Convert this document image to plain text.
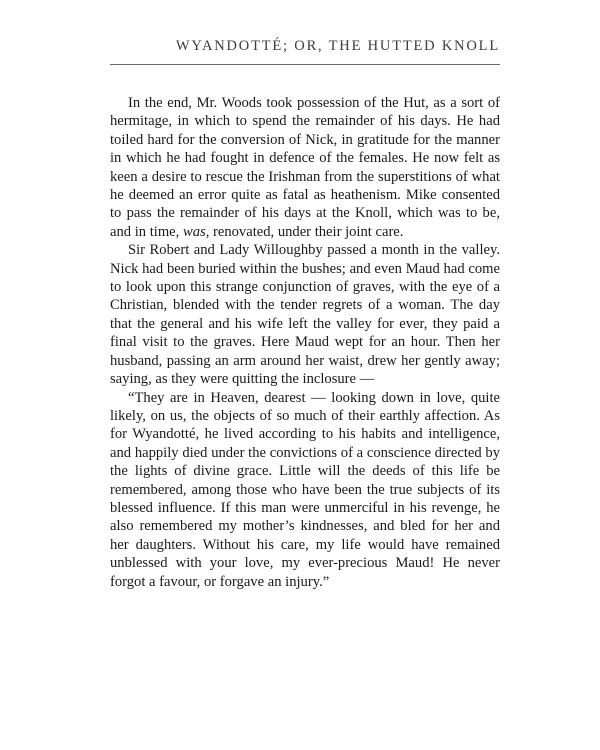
WYANDOTTÉ; OR, THE HUTTED KNOLL

In the end, Mr. Woods took possession of the Hut, as a sort of hermitage, in which to spend the remainder of his days. He had toiled hard for the conversion of Nick, in gratitude for the manner in which he had fought in defence of the females. He now felt as keen a desire to rescue the Irishman from the superstitions of what he deemed an error quite as fatal as heathenism. Mike consented to pass the remainder of his days at the Knoll, which was to be, and in time, was, renovated, under their joint care.

Sir Robert and Lady Willoughby passed a month in the valley. Nick had been buried within the bushes; and even Maud had come to look upon this strange conjunction of graves, with the eye of a Christian, blended with the tender regrets of a woman. The day that the general and his wife left the valley for ever, they paid a final visit to the graves. Here Maud wept for an hour. Then her husband, passing an arm around her waist, drew her gently away; saying, as they were quitting the inclosure —

“They are in Heaven, dearest — looking down in love, quite likely, on us, the objects of so much of their earthly affection. As for Wyandotté, he lived according to his habits and intelligence, and happily died under the convictions of a conscience directed by the lights of divine grace. Little will the deeds of this life be remembered, among those who have been the true subjects of its blessed influence. If this man were unmerciful in his revenge, he also remembered my mother’s kindnesses, and bled for her and her daughters. Without his care, my life would have remained unblessed with your love, my ever-precious Maud! He never forgot a favour, or forgave an injury.”
